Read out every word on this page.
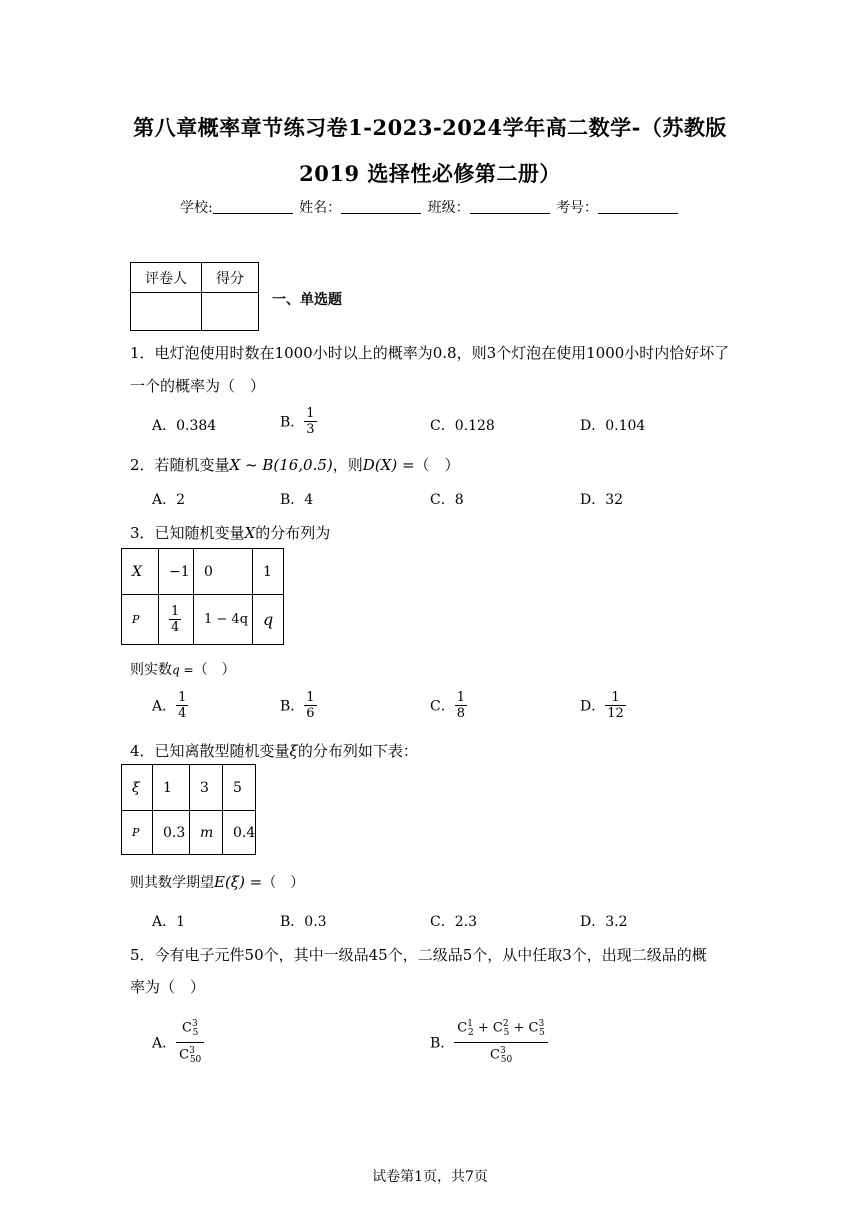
第八章概率章节练习卷1-2023-2024学年高二数学-（苏教版
2019 选择性必修第二册）
学校:	姓名：	班级：	考号：
评卷人	得分

一、单选题
1．电灯泡使用时数在1000小时以上的概率为0.8，则3个灯泡在使用1000小时内恰好坏了
一个的概率为（　）
A．0.384	B． $\frac{1}{3}$	C．0.128	D．0.104
2．若随机变量X ~ B(16,0.5)，则D(X) =（　）
A．2	B．4	C．8	D．32
3．已知随机变量X的分布列为
X	−1	0	1
P	$\frac{1}{4}$	1 − 4q	q
则实数q =（　）
A． $\frac{1}{4}$	B． $\frac{1}{6}$	C． $\frac{1}{8}$	D． $\frac{1}{12}$
4．已知离散型随机变量ξ的分布列如下表：
ξ	1	3	5
P	0.3	m	0.4
则其数学期望E(ξ) =（　）
A．1	B．0.3	C．2.3	D．3.2
5．今有电子元件50个，其中一级品45个，二级品5个，从中任取3个，出现二级品的概
率为（　）
A． $\frac{C^3_5}{C^3_{50}}$	B． $\frac{C^1_2 + C^2_5 + C^3_5}{C^3_{50}}$
试卷第1页，共7页
